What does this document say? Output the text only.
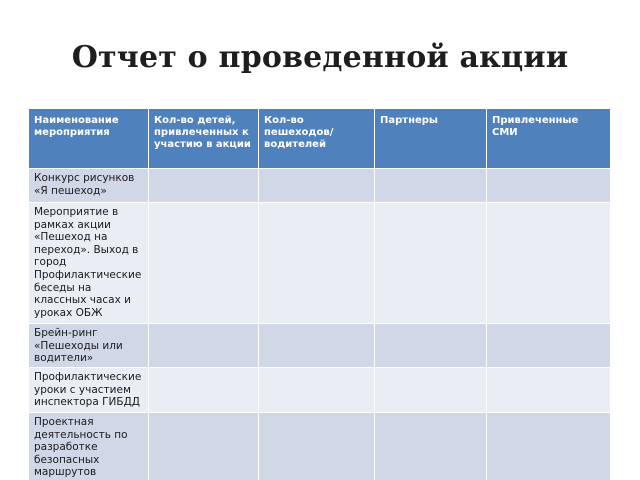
Отчет о проведенной акции
Наименование мероприятия	Кол-во детей, привлеченных к участию в акции	Кол-во пешеходов/водителей	Партнеры	Привлеченные СМИ
Конкурс рисунков «Я пешеход»				
Мероприятие в рамках акции «Пешеход на переход». Выход в город Профилактические беседы на классных часах и уроках ОБЖ				
Брейн-ринг «Пешеходы или водители»				
Профилактические уроки с участием инспектора ГИБДД				
Проектная деятельность по разработке безопасных маршрутов				
